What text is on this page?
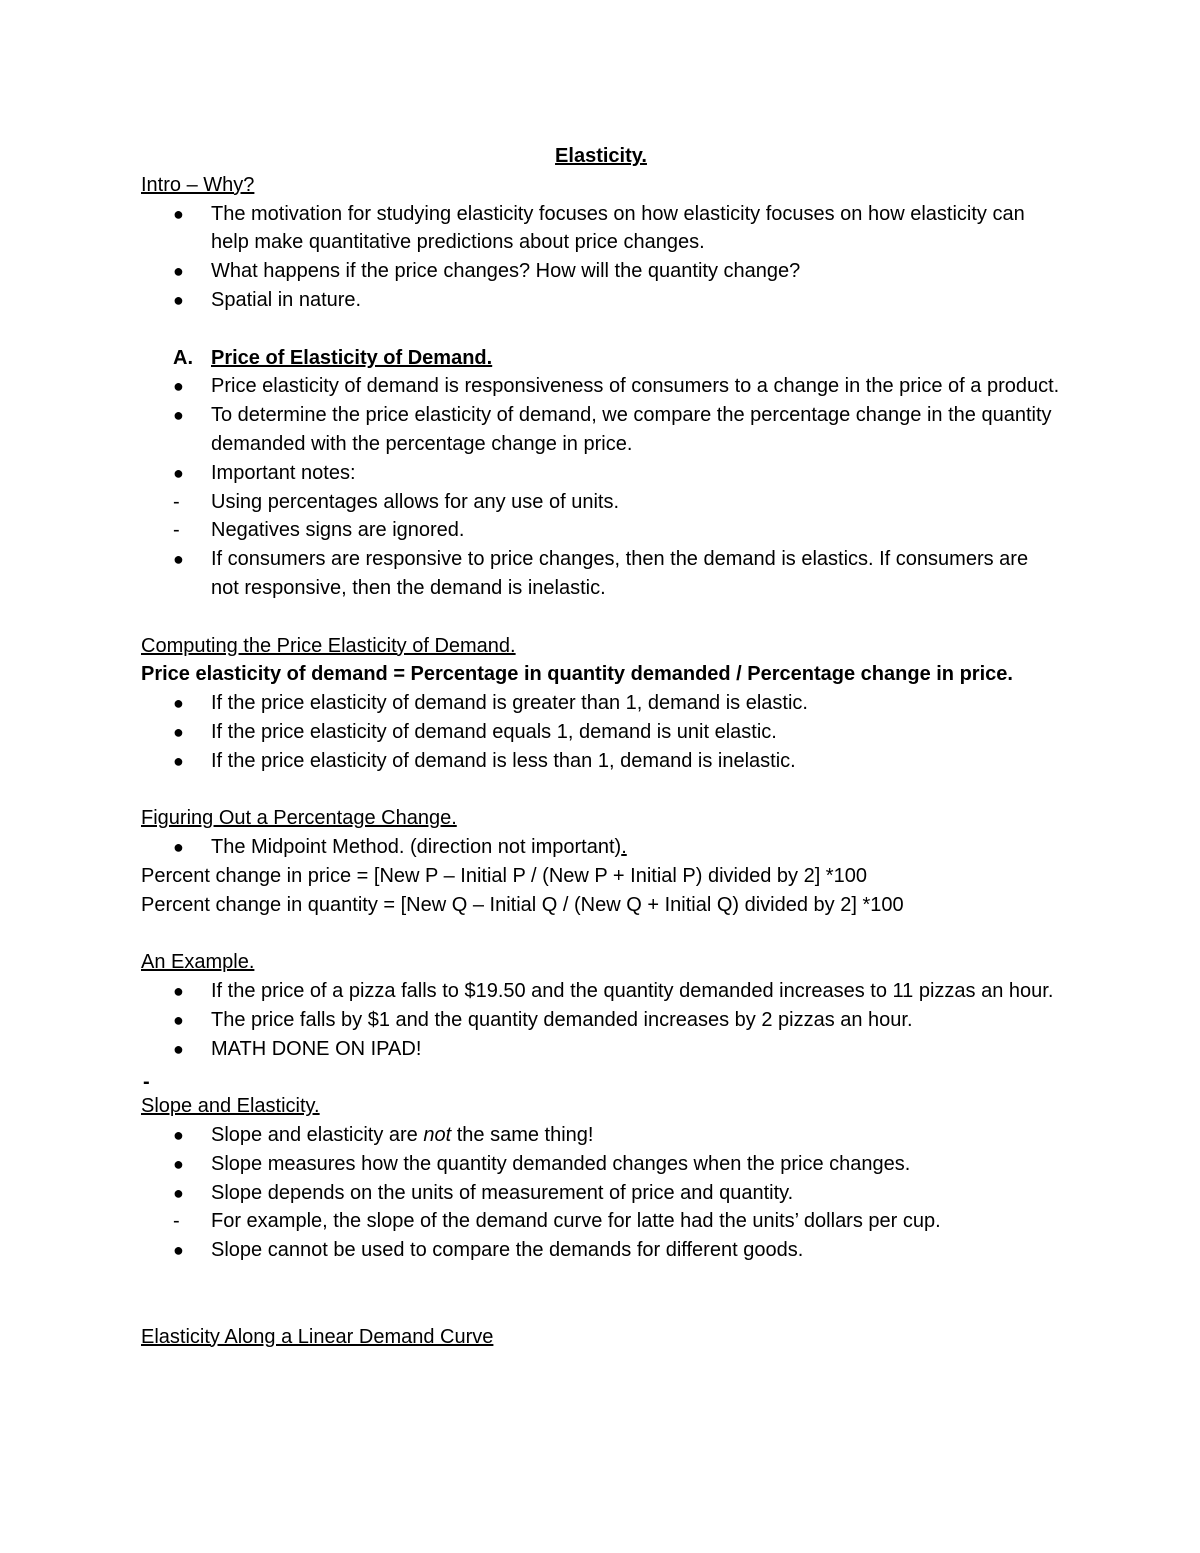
Elasticity.
Intro – Why?
●	The motivation for studying elasticity focuses on how elasticity focuses on how elasticity can help make quantitative predictions about price changes.
●	What happens if the price changes? How will the quantity change?
●	Spatial in nature.
A. Price of Elasticity of Demand.
●	Price elasticity of demand is responsiveness of consumers to a change in the price of a product.
●	To determine the price elasticity of demand, we compare the percentage change in the quantity demanded with the percentage change in price.
●	Important notes:
-	Using percentages allows for any use of units.
-	Negatives signs are ignored.
●	If consumers are responsive to price changes, then the demand is elastics. If consumers are not responsive, then the demand is inelastic.
Computing the Price Elasticity of Demand.
Price elasticity of demand = Percentage in quantity demanded / Percentage change in price.
●	If the price elasticity of demand is greater than 1, demand is elastic.
●	If the price elasticity of demand equals 1, demand is unit elastic.
●	If the price elasticity of demand is less than 1, demand is inelastic.
Figuring Out a Percentage Change.
●	The Midpoint Method. (direction not important).
Percent change in price = [New P – Initial P / (New P + Initial P) divided by 2] *100
Percent change in quantity = [New Q – Initial Q / (New Q + Initial Q) divided by 2] *100
An Example.
●	If the price of a pizza falls to $19.50 and the quantity demanded increases to 11 pizzas an hour.
●	The price falls by $1 and the quantity demanded increases by 2 pizzas an hour.
●	MATH DONE ON IPAD!
-
Slope and Elasticity.
●	Slope and elasticity are not the same thing!
●	Slope measures how the quantity demanded changes when the price changes.
●	Slope depends on the units of measurement of price and quantity.
-	For example, the slope of the demand curve for latte had the units’ dollars per cup.
●	Slope cannot be used to compare the demands for different goods.
Elasticity Along a Linear Demand Curve
